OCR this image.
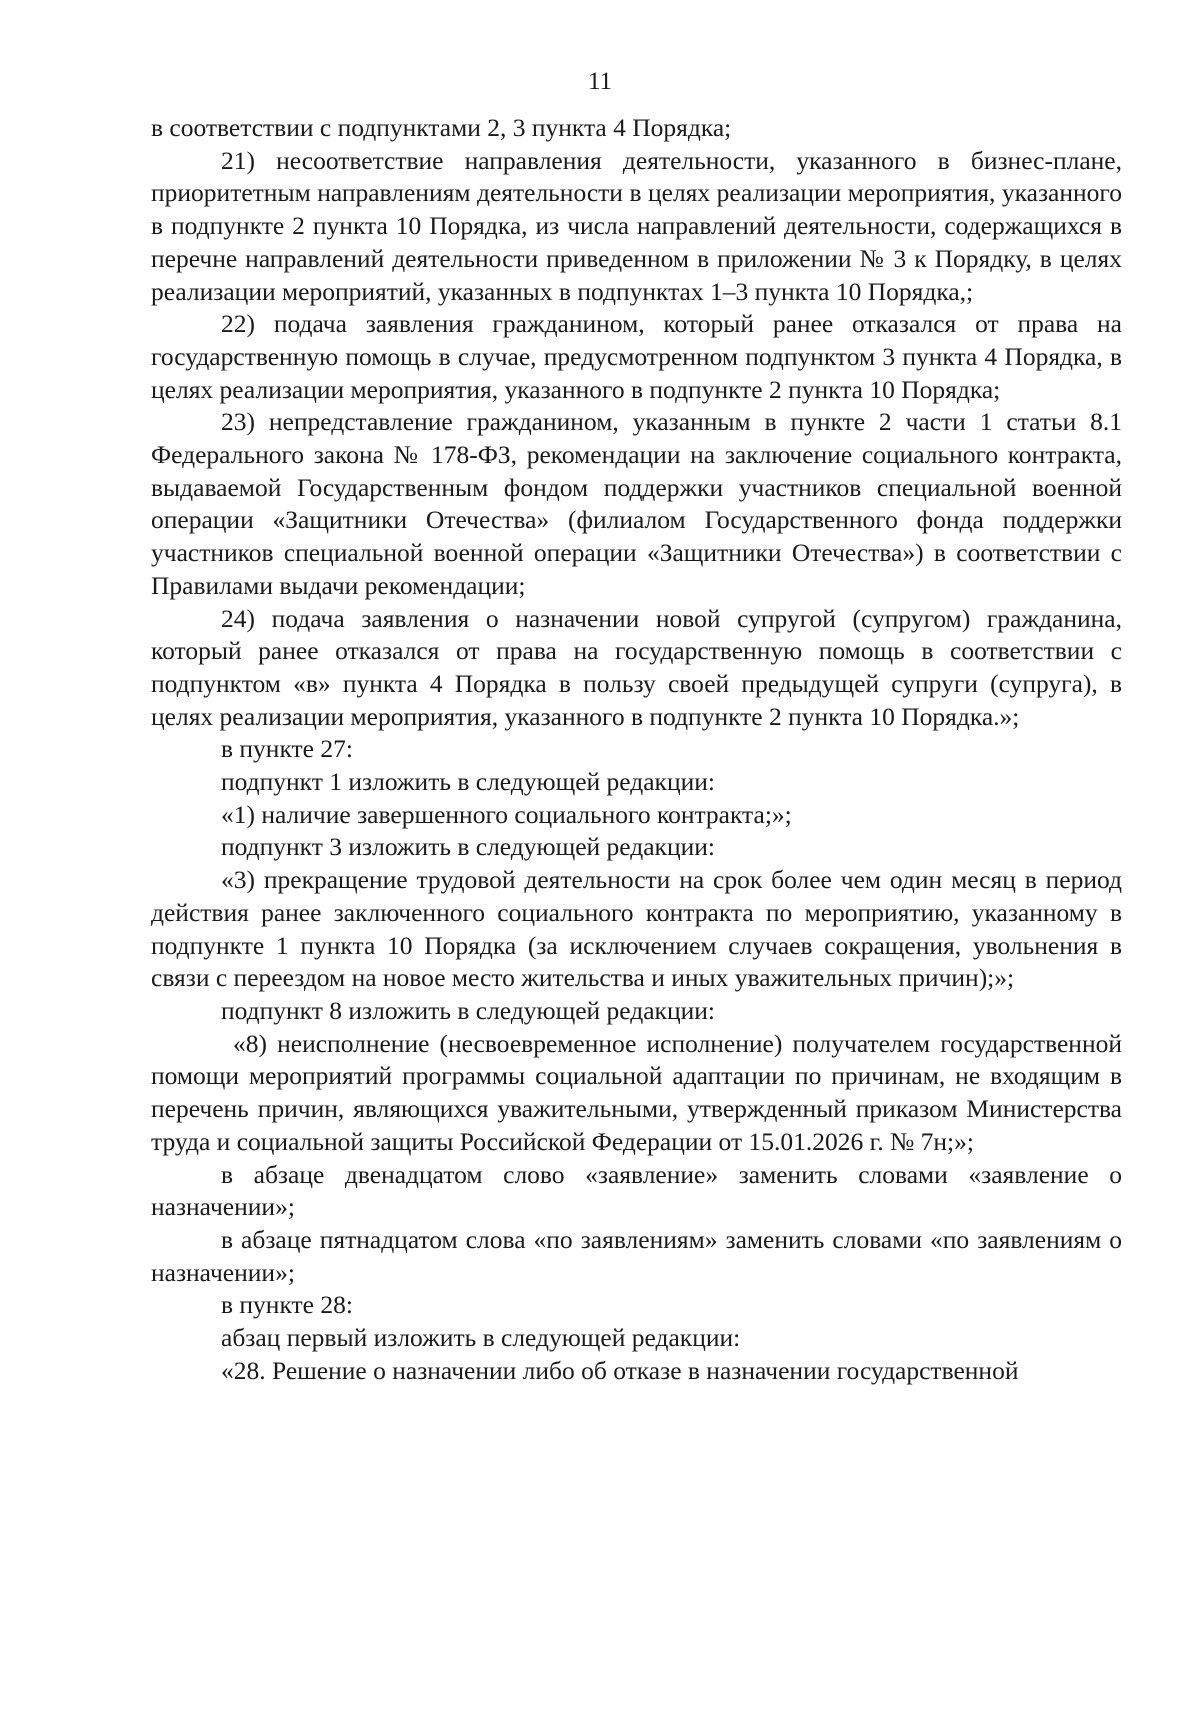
11

в соответствии с подпунктами 2, 3 пункта 4 Порядка;

21) несоответствие направления деятельности, указанного в бизнес-плане, приоритетным направлениям деятельности в целях реализации мероприятия, указанного в подпункте 2 пункта 10 Порядка, из числа направлений деятельности, содержащихся в перечне направлений деятельности приведенном в приложении № 3 к Порядку, в целях реализации мероприятий, указанных в подпунктах 1–3 пункта 10 Порядка,;

22) подача заявления гражданином, который ранее отказался от права на государственную помощь в случае, предусмотренном подпунктом 3 пункта 4 Порядка, в целях реализации мероприятия, указанного в подпункте 2 пункта 10 Порядка;

23) непредставление гражданином, указанным в пункте 2 части 1 статьи 8.1 Федерального закона № 178-ФЗ, рекомендации на заключение социального контракта, выдаваемой Государственным фондом поддержки участников специальной военной операции «Защитники Отечества» (филиалом Государственного фонда поддержки участников специальной военной операции «Защитники Отечества») в соответствии с Правилами выдачи рекомендации;

24) подача заявления о назначении новой супругой (супругом) гражданина, который ранее отказался от права на государственную помощь в соответствии с подпунктом «в» пункта 4 Порядка в пользу своей предыдущей супруги (супруга), в целях реализации мероприятия, указанного в подпункте 2 пункта 10 Порядка.»;

в пункте 27:

подпункт 1 изложить в следующей редакции:

«1) наличие завершенного социального контракта;»;

подпункт 3 изложить в следующей редакции:

«3) прекращение трудовой деятельности на срок более чем один месяц в период действия ранее заключенного социального контракта по мероприятию, указанному в подпункте 1 пункта 10 Порядка (за исключением случаев сокращения, увольнения в связи с переездом на новое место жительства и иных уважительных причин);»;

подпункт 8 изложить в следующей редакции:

«8) неисполнение (несвоевременное исполнение) получателем государственной помощи мероприятий программы социальной адаптации по причинам, не входящим в перечень причин, являющихся уважительными, утвержденный приказом Министерства труда и социальной защиты Российской Федерации от 15.01.2026 г. № 7н;»;

в абзаце двенадцатом слово «заявление» заменить словами «заявление о назначении»;

в абзаце пятнадцатом слова «по заявлениям» заменить словами «по заявлениям о назначении»;

в пункте 28:

абзац первый изложить в следующей редакции:

«28. Решение о назначении либо об отказе в назначении государственной
